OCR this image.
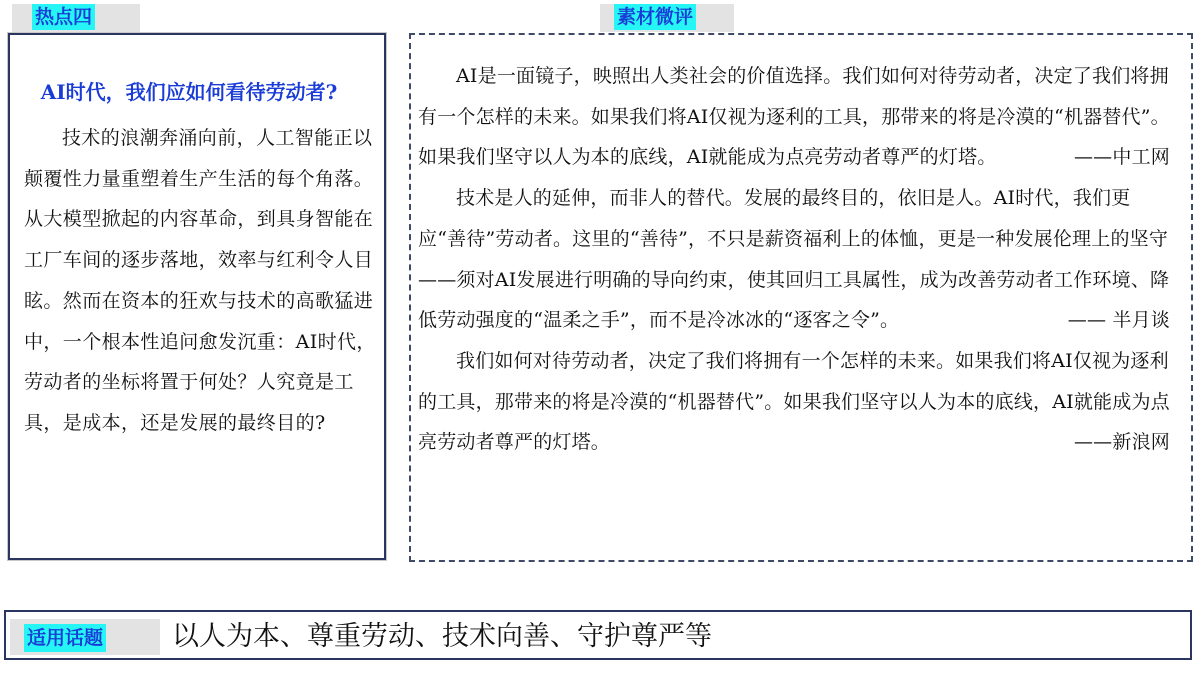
热点四	素材微评
AI时代，我们应如何看待劳动者?
技术的浪潮奔涌向前，人工智能正以颠覆性力量重塑着生产生活的每个角落。从大模型掀起的内容革命，到具身智能在工厂车间的逐步落地，效率与红利令人目眩。然而在资本的狂欢与技术的高歌猛进中，一个根本性追问愈发沉重：AI时代，劳动者的坐标将置于何处？人究竟是工具，是成本，还是发展的最终目的?
AI是一面镜子，映照出人类社会的价值选择。我们如何对待劳动者，决定了我们将拥有一个怎样的未来。如果我们将AI仅视为逐利的工具，那带来的将是冷漠的“机器替代”。如果我们坚守以人为本的底线，AI就能成为点亮劳动者尊严的灯塔。	——中工网
技术是人的延伸，而非人的替代。发展的最终目的，依旧是人。AI时代，我们更应“善待”劳动者。这里的“善待”，不只是薪资福利上的体恤，更是一种发展伦理上的坚守——须对AI发展进行明确的导向约束，使其回归工具属性，成为改善劳动者工作环境、降低劳动强度的“温柔之手”，而不是冷冰冰的“逐客之令”。	—— 半月谈
我们如何对待劳动者，决定了我们将拥有一个怎样的未来。如果我们将AI仅视为逐利的工具，那带来的将是冷漠的“机器替代”。如果我们坚守以人为本的底线，AI就能成为点亮劳动者尊严的灯塔。	——新浪网
适用话题	以人为本、尊重劳动、技术向善、守护尊严等
